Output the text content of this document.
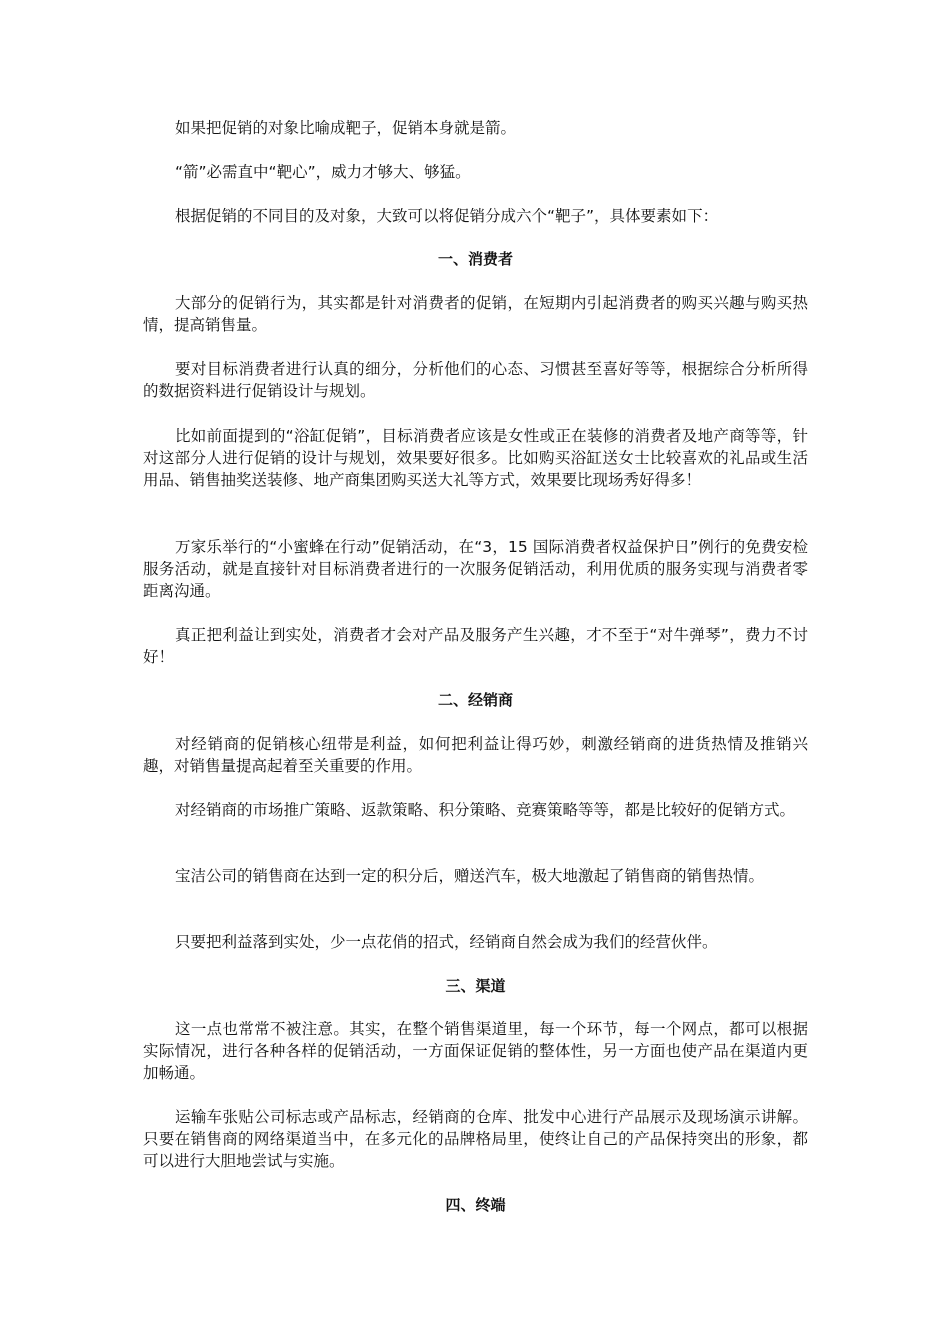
如果把促销的对象比喻成靶子，促销本身就是箭。

“箭”必需直中“靶心”，威力才够大、够猛。

根据促销的不同目的及对象，大致可以将促销分成六个“靶子”，具体要素如下：

一、消费者

大部分的促销行为，其实都是针对消费者的促销，在短期内引起消费者的购买兴趣与购买热情，提高销售量。

要对目标消费者进行认真的细分，分析他们的心态、习惯甚至喜好等等，根据综合分析所得的数据资料进行促销设计与规划。

比如前面提到的“浴缸促销”，目标消费者应该是女性或正在装修的消费者及地产商等等，针对这部分人进行促销的设计与规划，效果要好很多。比如购买浴缸送女士比较喜欢的礼品或生活用品、销售抽奖送装修、地产商集团购买送大礼等方式，效果要比现场秀好得多！

万家乐举行的“小蜜蜂在行动”促销活动，在“3，15 国际消费者权益保护日”例行的免费安检服务活动，就是直接针对目标消费者进行的一次服务促销活动，利用优质的服务实现与消费者零距离沟通。

真正把利益让到实处，消费者才会对产品及服务产生兴趣，才不至于“对牛弹琴”，费力不讨好！

二、经销商

对经销商的促销核心纽带是利益，如何把利益让得巧妙，刺激经销商的进货热情及推销兴趣，对销售量提高起着至关重要的作用。

对经销商的市场推广策略、返款策略、积分策略、竞赛策略等等，都是比较好的促销方式。

宝洁公司的销售商在达到一定的积分后，赠送汽车，极大地激起了销售商的销售热情。

只要把利益落到实处，少一点花俏的招式，经销商自然会成为我们的经营伙伴。

三、渠道

这一点也常常不被注意。其实，在整个销售渠道里，每一个环节，每一个网点，都可以根据实际情况，进行各种各样的促销活动，一方面保证促销的整体性，另一方面也使产品在渠道内更加畅通。

运输车张贴公司标志或产品标志，经销商的仓库、批发中心进行产品展示及现场演示讲解。只要在销售商的网络渠道当中，在多元化的品牌格局里，使终让自己的产品保持突出的形象，都可以进行大胆地尝试与实施。

四、终端
